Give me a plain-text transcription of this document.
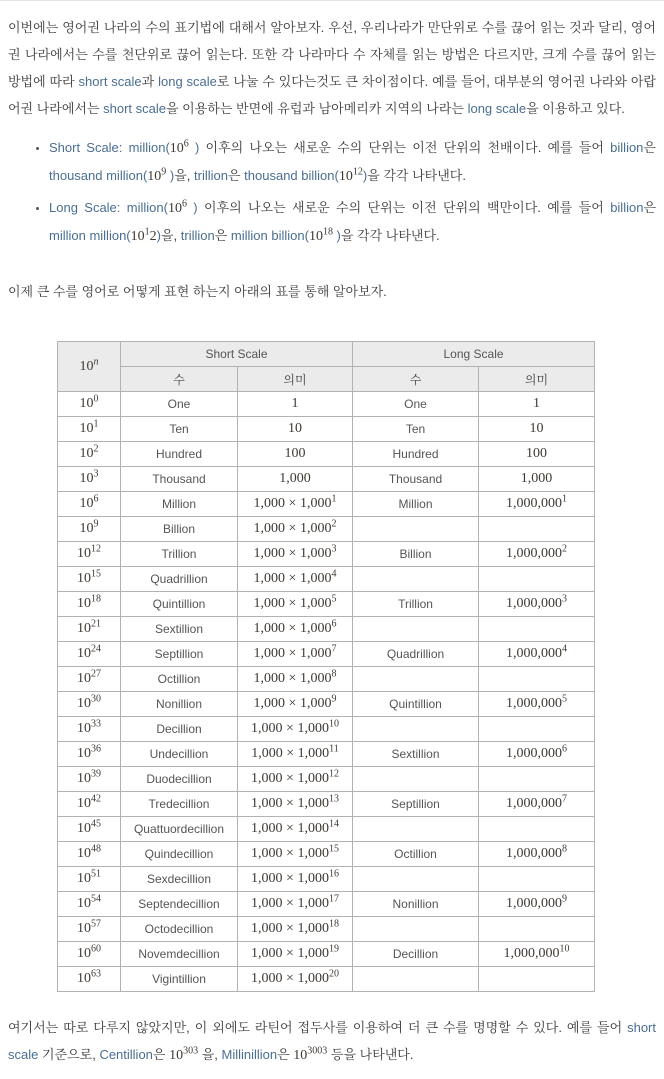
이번에는 영어권 나라의 수의 표기법에 대해서 알아보자. 우선, 우리나라가 만단위로 수를 끊어 읽는 것과 달리, 영어권 나라에서는 수를 천단위로 끊어 읽는다. 또한 각 나라마다 수 자체를 읽는 방법은 다르지만, 크게 수를 끊어 읽는 방법에 따라 short scale과 long scale로 나눌 수 있다는것도 큰 차이점이다. 예를 들어, 대부분의 영어권 나라와 아랍어권 나라에서는 short scale을 이용하는 반면에 유럽과 남아메리카 지역의 나라는 long scale을 이용하고 있다.

• Short Scale: $million(10^6$ ) 이후의 나오는 새로운 수의 단위는 이전 단위의 천배이다. 예를 들어 billion은 thousand $million(10^9$ )을, trillion은 thousand $billion(10^{12})$을 각각 나타낸다.
• Long Scale: $million(10^6$ ) 이후의 나오는 새로운 수의 단위는 이전 단위의 백만이다. 예를 들어 billion은 million $million(10^12)$을, trillion은 million $billion(10^{18}$ )을 각각 나타낸다.

이제 큰 수를 영어로 어떻게 표현 하는지 아래의 표를 통해 알아보자.

10$^n$	Short Scale		Long Scale	
	수	의미	수	의미
$10^0$	One	1	One	1
$10^1$	Ten	10	Ten	10
$10^2$	Hundred	100	Hundred	100
$10^3$	Thousand	1,000	Thousand	1,000
$10^6$	Million	$1,000 \times 1,000^1$	Million	1,000,000$^1$
$10^9$	Billion	$1,000 \times 1,000^2$		
$10^{12}$	Trillion	$1,000 \times 1,000^3$	Billion	1,000,000$^2$
$10^{15}$	Quadrillion	$1,000 \times 1,000^4$		
$10^{18}$	Quintillion	$1,000 \times 1,000^5$	Trillion	1,000,000$^3$
$10^{21}$	Sextillion	$1,000 \times 1,000^6$		
$10^{24}$	Septillion	$1,000 \times 1,000^7$	Quadrillion	1,000,000$^4$
$10^{27}$	Octillion	$1,000 \times 1,000^8$		
$10^{30}$	Nonillion	$1,000 \times 1,000^9$	Quintillion	1,000,000$^5$
$10^{33}$	Decillion	$1,000 \times 1,000^{10}$		
$10^{36}$	Undecillion	$1,000 \times 1,000^{11}$	Sextillion	1,000,000$^6$
$10^{39}$	Duodecillion	$1,000 \times 1,000^{12}$		
$10^{42}$	Tredecillion	$1,000 \times 1,000^{13}$	Septillion	1,000,000$^7$
$10^{45}$	Quattuordecillion	$1,000 \times 1,000^{14}$		
$10^{48}$	Quindecillion	$1,000 \times 1,000^{15}$	Octillion	1,000,000$^8$
$10^{51}$	Sexdecillion	$1,000 \times 1,000^{16}$		
$10^{54}$	Septendecillion	$1,000 \times 1,000^{17}$	Nonillion	1,000,000$^9$
$10^{57}$	Octodecillion	$1,000 \times 1,000^{18}$		
$10^{60}$	Novemdecillion	$1,000 \times 1,000^{19}$	Decillion	1,000,000$^{10}$
$10^{63}$	Vigintillion	$1,000 \times 1,000^{20}$		

여기서는 따로 다루지 않았지만, 이 외에도 라틴어 접두사를 이용하여 더 큰 수를 명명할 수 있다. 예를 들어 short scale 기준으로, Centillion은 $10^{303}$ 을, Millinillion은 $10^{3003}$ 등을 나타낸다.
